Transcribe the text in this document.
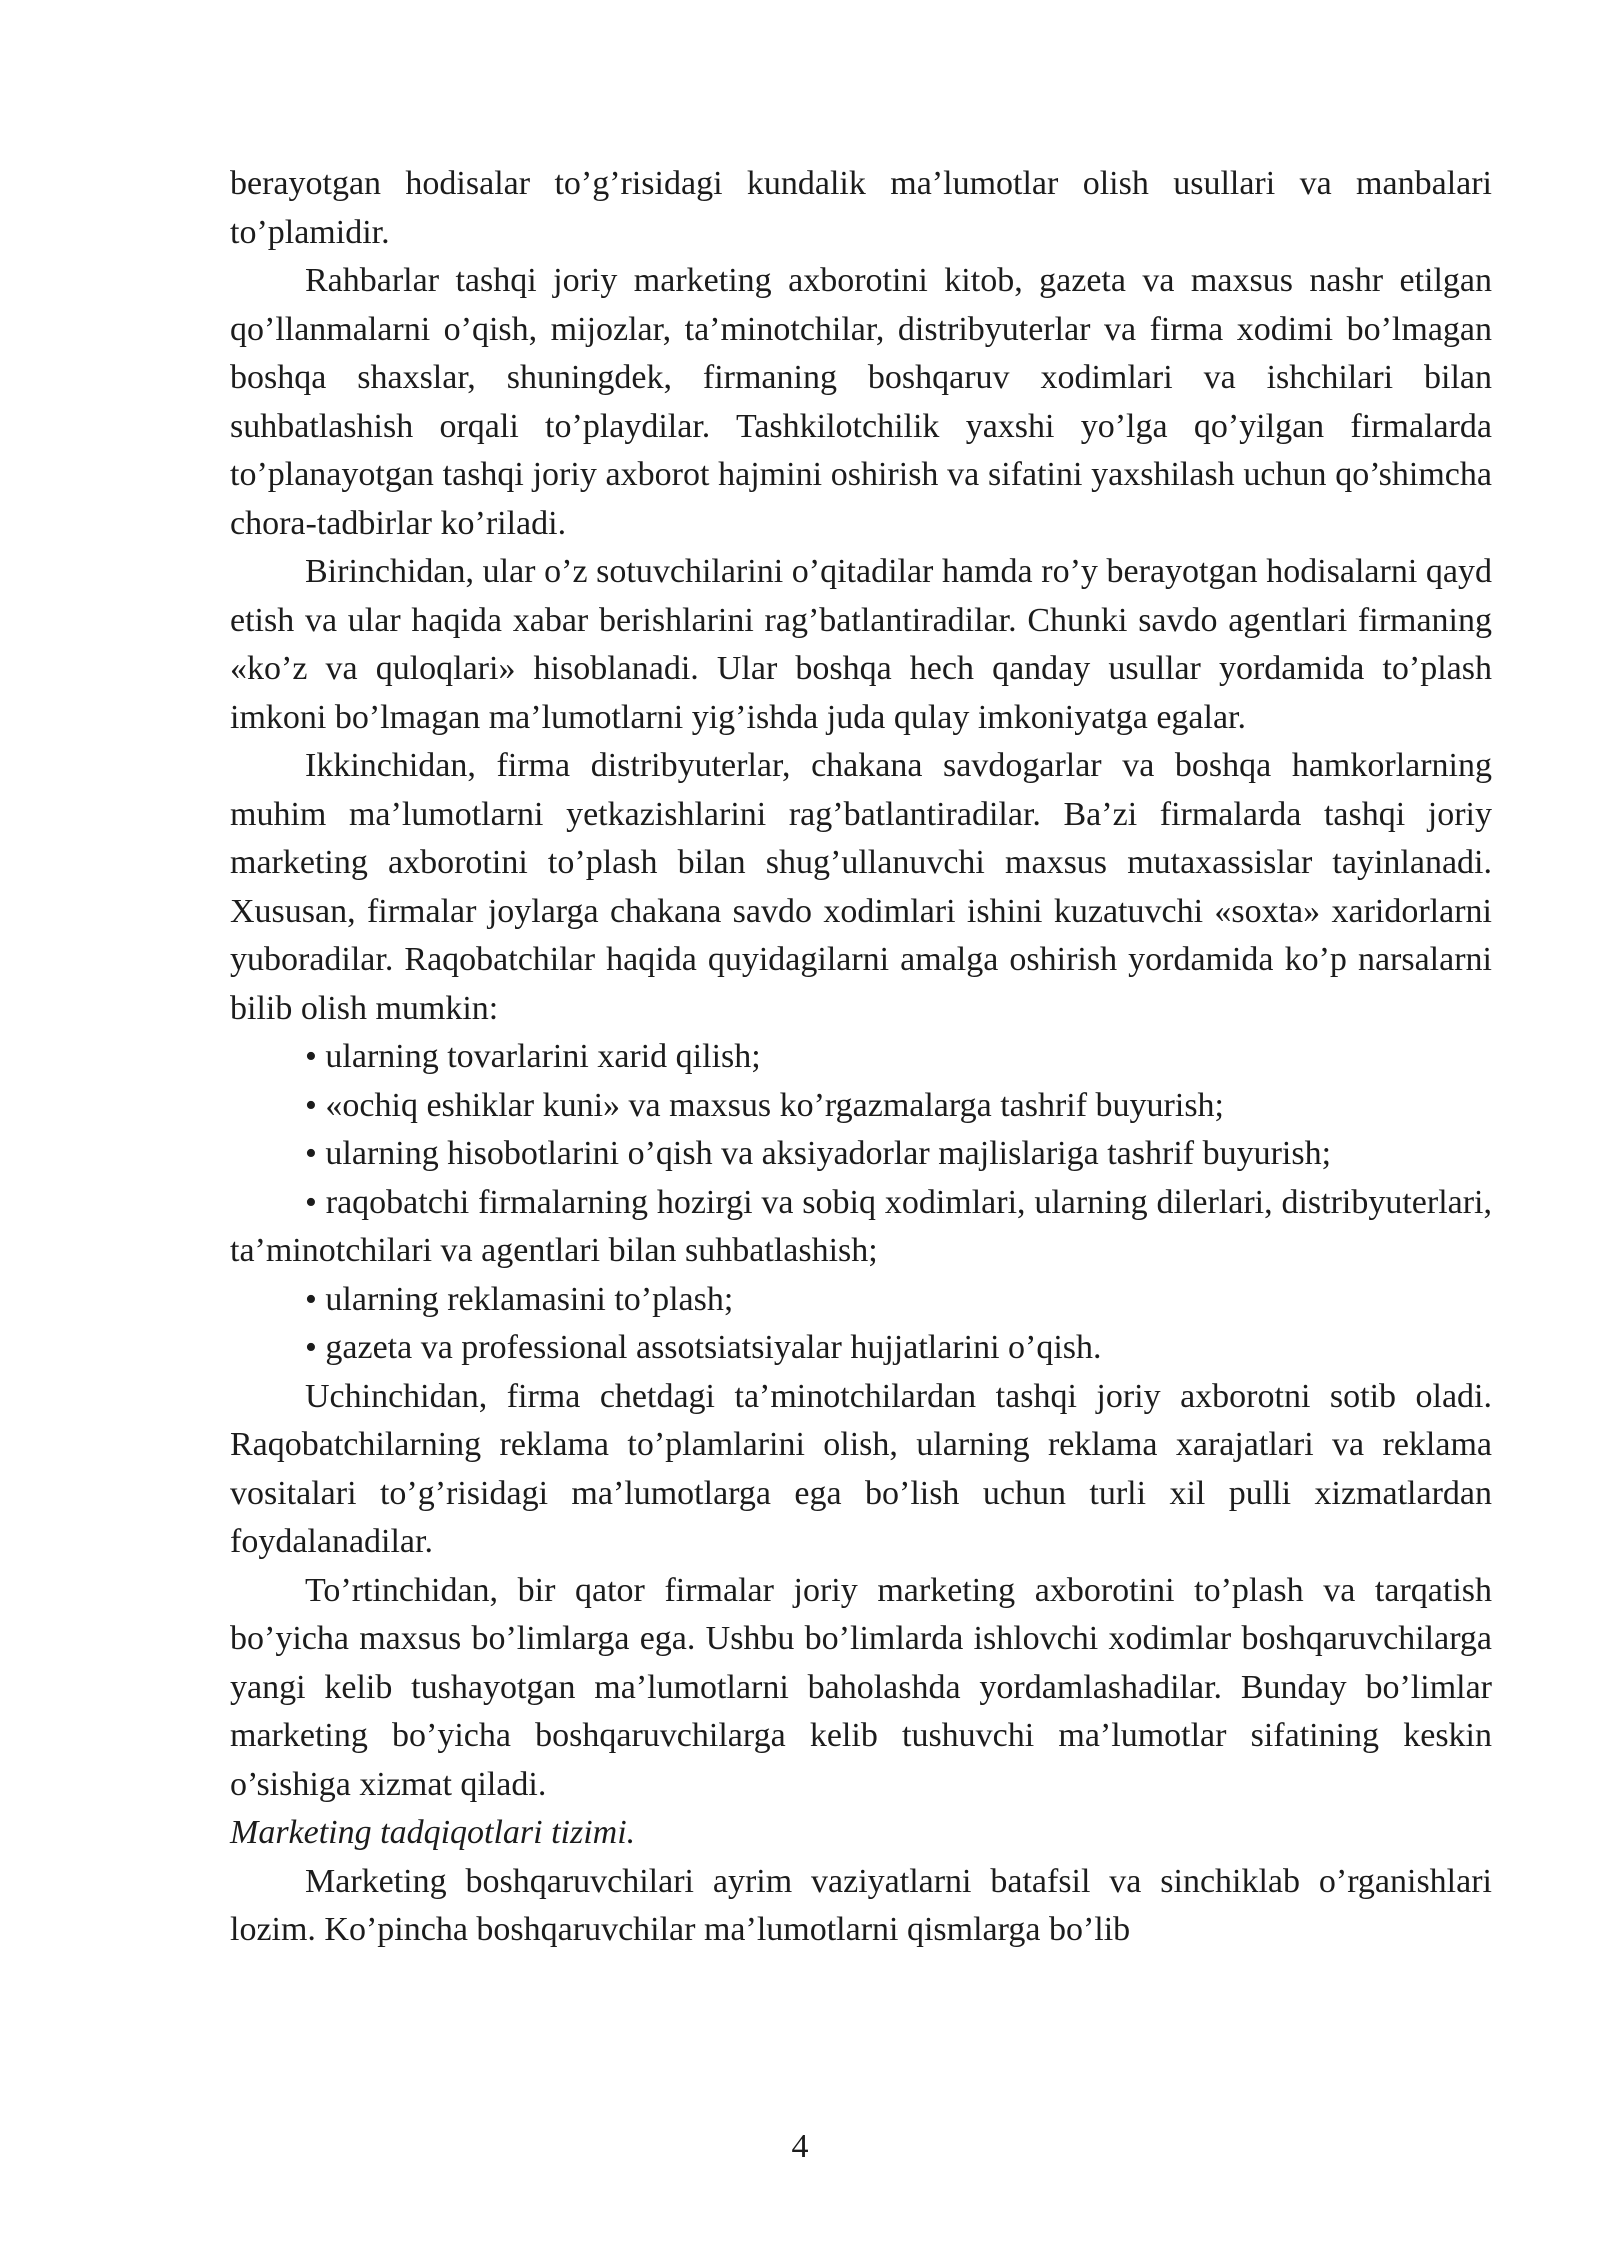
berayotgan hodisalar to’g’risidagi kundalik ma’lumotlar olish usullari va manbalari to’plamidir.

Rahbarlar tashqi joriy marketing axborotini kitob, gazeta va maxsus nashr etilgan qo’llanmalarni o’qish, mijozlar, ta’minotchilar, distribyuterlar va firma xodimi bo’lmagan boshqa shaxslar, shuningdek, firmaning boshqaruv xodimlari va ishchilari bilan suhbatlashish orqali to’playdilar. Tashkilotchilik yaxshi yo’lga qo’yilgan firmalarda to’planayotgan tashqi joriy axborot hajmini oshirish va sifatini yaxshilash uchun qo’shimcha chora-tadbirlar ko’riladi.

Birinchidan, ular o’z sotuvchilarini o’qitadilar hamda ro’y berayotgan hodisalarni qayd etish va ular haqida xabar berishlarini rag’batlantiradilar. Chunki savdo agentlari firmaning «ko’z va quloqlari» hisoblanadi. Ular boshqa hech qanday usullar yordamida to’plash imkoni bo’lmagan ma’lumotlarni yig’ishda juda qulay imkoniyatga egalar.

Ikkinchidan, firma distribyuterlar, chakana savdogarlar va boshqa hamkorlarning muhim ma’lumotlarni yetkazishlarini rag’batlantiradilar. Ba’zi firmalarda tashqi joriy marketing axborotini to’plash bilan shug’ullanuvchi maxsus mutaxassislar tayinlanadi. Xususan, firmalar joylarga chakana savdo xodimlari ishini kuzatuvchi «soxta» xaridorlarni yuboradilar. Raqobatchilar haqida quyidagilarni amalga oshirish yordamida ko’p narsalarni bilib olish mumkin:

• ularning tovarlarini xarid qilish;

• «ochiq eshiklar kuni» va maxsus ko’rgazmalarga tashrif buyurish;

• ularning hisobotlarini o’qish va aksiyadorlar majlislariga tashrif buyurish;

• raqobatchi firmalarning hozirgi va sobiq xodimlari, ularning dilerlari, distribyuterlari, ta’minotchilari va agentlari bilan suhbatlashish;

• ularning reklamasini to’plash;

• gazeta va professional assotsiatsiyalar hujjatlarini o’qish.

Uchinchidan, firma chetdagi ta’minotchilardan tashqi joriy axborotni sotib oladi. Raqobatchilarning reklama to’plamlarini olish, ularning reklama xarajatlari va reklama vositalari to’g’risidagi ma’lumotlarga ega bo’lish uchun turli xil pulli xizmatlardan foydalanadilar.

To’rtinchidan, bir qator firmalar joriy marketing axborotini to’plash va tarqatish bo’yicha maxsus bo’limlarga ega. Ushbu bo’limlarda ishlovchi xodimlar boshqaruvchilarga yangi kelib tushayotgan ma’lumotlarni baholashda yordamlashadilar. Bunday bo’limlar marketing bo’yicha boshqaruvchilarga kelib tushuvchi ma’lumotlar sifatining keskin o’sishiga xizmat qiladi.

Marketing tadqiqotlari tizimi.

Marketing boshqaruvchilari ayrim vaziyatlarni batafsil va sinchiklab o’rganishlari lozim. Ko’pincha boshqaruvchilar ma’lumotlarni qismlarga bo’lib

4
